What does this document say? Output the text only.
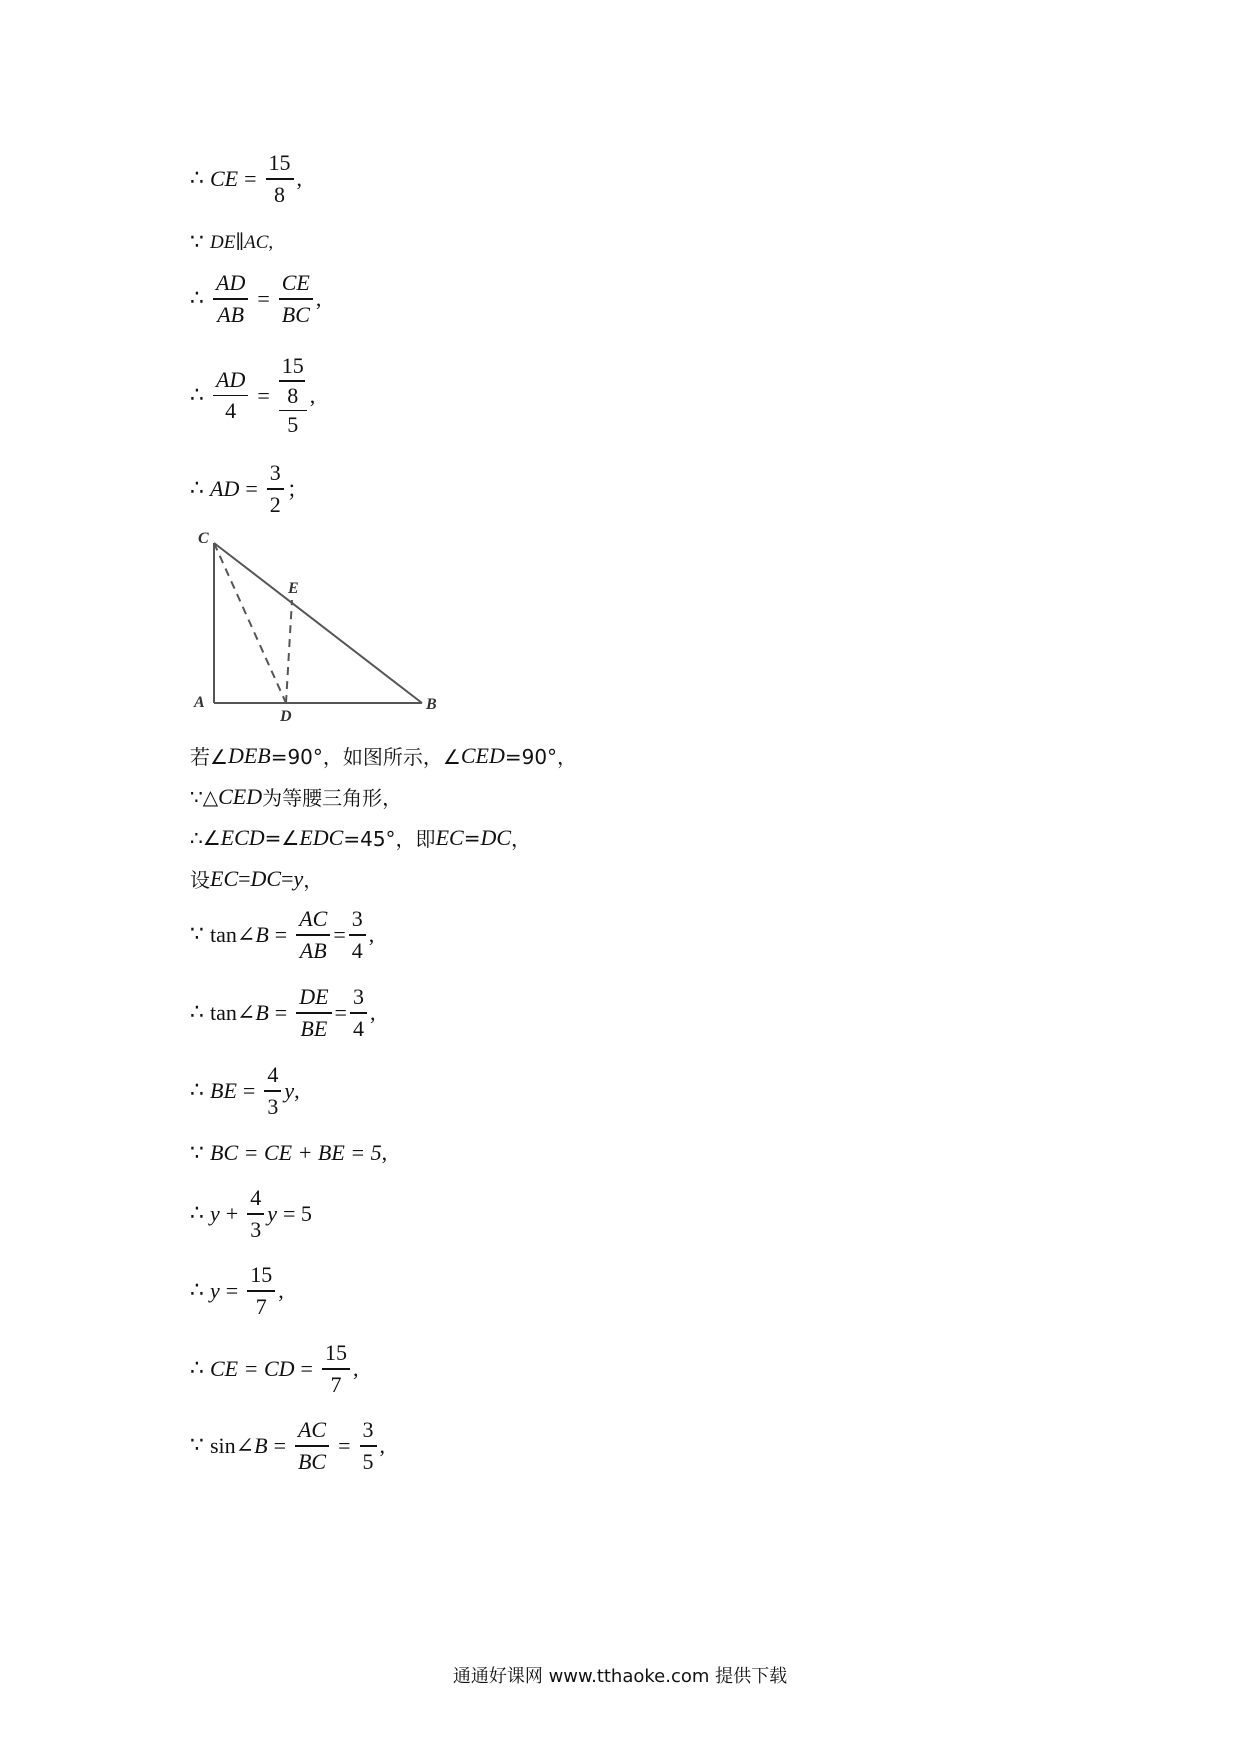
∴ CE = $\frac{15}{8}$ ,
∵ DE∥AC ,
∴ $\frac{AD}{AB} = \frac{CE}{BC}$ ,
∴ $\frac{AD}{4} = \frac{\frac{15}{8}}{5}$ ,
∴ AD = $\frac{3}{2}$ ；
C
E
A
D
B
若∠ DEB =90°，如图所示，∠ CED =90°，
∵△ CED 为等腰三角形，
∴∠ ECD =∠ EDC =45°，即 EC = DC ，
设 EC = DC = y ，
∵ tan∠ $B = \frac{AC}{AB} = \frac{3}{4}$ ,
∴ tan∠ $B = \frac{DE}{BE} = \frac{3}{4}$ ,
∴ BE = $\frac{4}{3}$ y ,
∵ BC = CE + BE = 5 ,
∴ $y + \frac{4}{3}$ y = 5
∴ $y = \frac{15}{7}$ ,
∴ CE = CD = $\frac{15}{7}$ ,
∵ sin∠ $B = \frac{AC}{BC} = \frac{3}{5}$ ,
通通好课网 www.tthaoke.com 提供下载
